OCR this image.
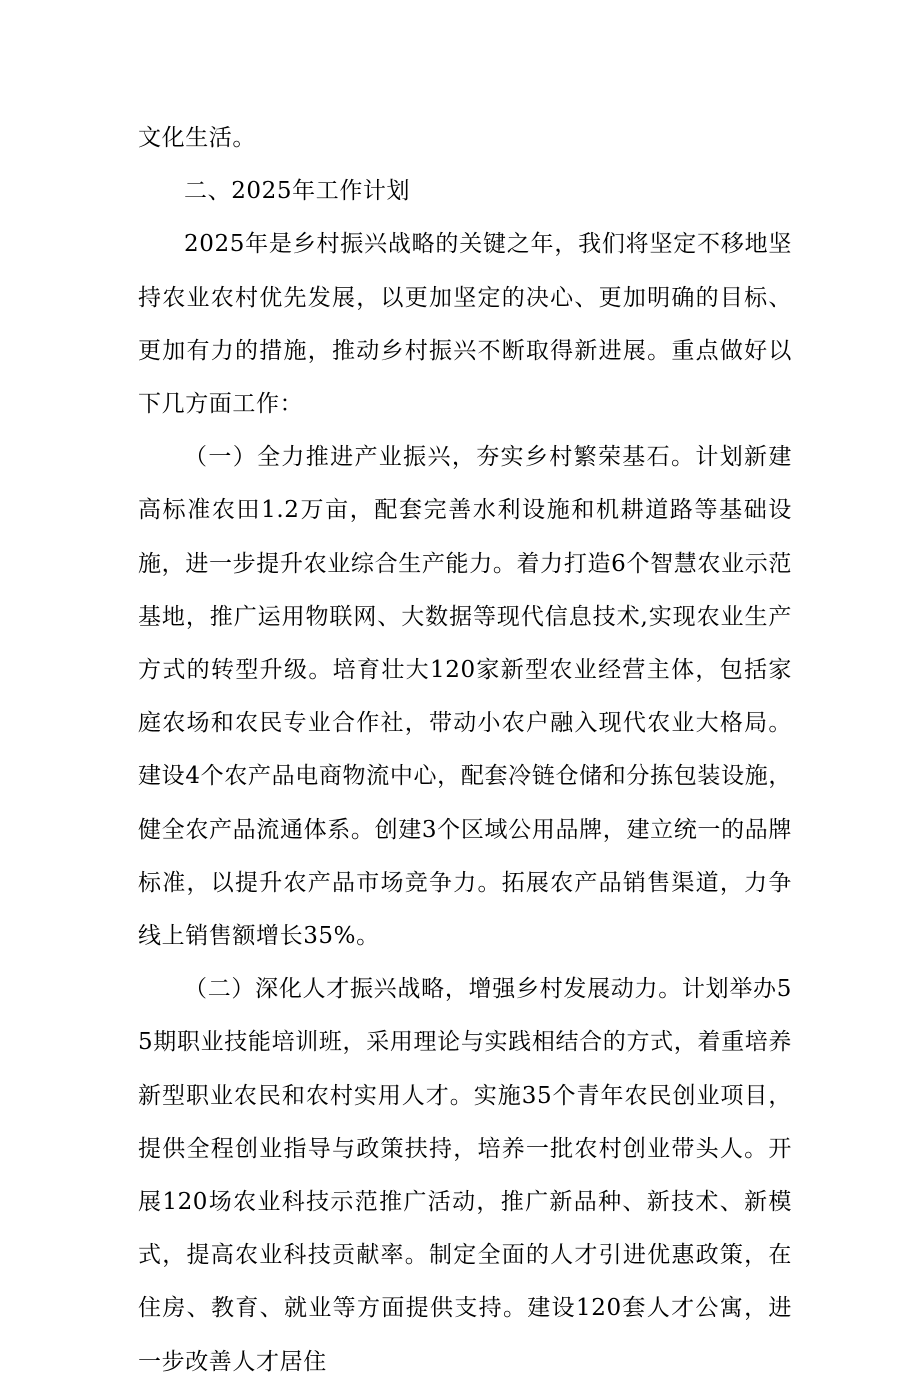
文化生活。

二、2025年工作计划

2025年是乡村振兴战略的关键之年，我们将坚定不移地坚持农业农村优先发展，以更加坚定的决心、更加明确的目标、更加有力的措施，推动乡村振兴不断取得新进展。重点做好以下几方面工作：

（一）全力推进产业振兴，夯实乡村繁荣基石。计划新建高标准农田1.2万亩，配套完善水利设施和机耕道路等基础设施，进一步提升农业综合生产能力。着力打造6个智慧农业示范基地，推广运用物联网、大数据等现代信息技术,实现农业生产方式的转型升级。培育壮大120家新型农业经营主体，包括家庭农场和农民专业合作社，带动小农户融入现代农业大格局。建设4个农产品电商物流中心，配套冷链仓储和分拣包装设施，健全农产品流通体系。创建3个区域公用品牌，建立统一的品牌标准，以提升农产品市场竞争力。拓展农产品销售渠道，力争线上销售额增长35%。

（二）深化人才振兴战略，增强乡村发展动力。计划举办55期职业技能培训班，采用理论与实践相结合的方式，着重培养新型职业农民和农村实用人才。实施35个青年农民创业项目，提供全程创业指导与政策扶持，培养一批农村创业带头人。开展120场农业科技示范推广活动，推广新品种、新技术、新模式，提高农业科技贡献率。制定全面的人才引进优惠政策，在住房、教育、就业等方面提供支持。建设120套人才公寓，进一步改善人才居住
